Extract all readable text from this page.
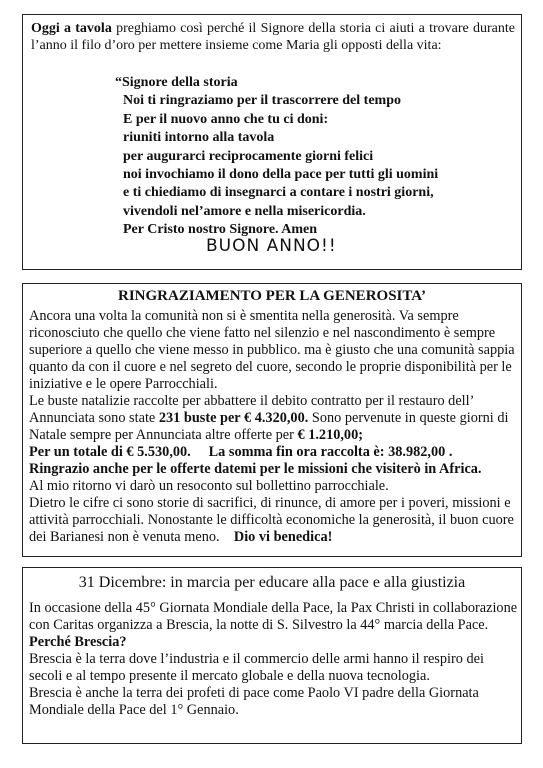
Oggi a tavola preghiamo così perché il Signore della storia ci aiuti a trovare durante l’anno il filo d’oro per mettere insieme come Maria gli opposti della vita:
“Signore della storia
Noi ti ringraziamo per il trascorrere del tempo
E per il nuovo anno che tu ci doni:
riuniti intorno alla tavola
per augurarci reciprocamente giorni felici
noi invochiamo il dono della pace per tutti gli uomini
e ti chiediamo di insegnarci a contare i nostri giorni,
vivendoli nel’amore e nella misericordia.
Per Cristo nostro Signore. Amen
BUON ANNO!!
RINGRAZIAMENTO PER LA GENEROSITA’

Ancora una volta la comunità non si è smentita nella generosità. Va sempre riconosciuto che quello che viene fatto nel silenzio e nel nascondimento è sempre superiore a quello che viene messo in pubblico. ma è giusto che una comunità sappia quanto da con il cuore e nel segreto del cuore, secondo le proprie disponibilità per le iniziative e le opere Parrocchiali.

Le buste natalizie raccolte per abbattere il debito contratto per il restauro dell’ Annunciata sono state 231 buste per € 4.320,00. Sono pervenute in queste giorni di Natale sempre per Annunciata altre offerte per € 1.210,00;

Per un totale di € 5.530,00. La somma fin ora raccolta è: 38.982,00 .

Ringrazio anche per le offerte datemi per le missioni che visiterò in Africa.

Al mio ritorno vi darò un resoconto sul bollettino parrocchiale.

Dietro le cifre ci sono storie di sacrifici, di rinunce, di amore per i poveri, missioni e attività parrocchiali. Nonostante le difficoltà economiche la generosità, il buon cuore dei Barianesi non è venuta meno. Dio vi benedica!

31 Dicembre: in marcia per educare alla pace e alla giustizia

In occasione della 45° Giornata Mondiale della Pace, la Pax Christi in collaborazione con Caritas organizza a Brescia, la notte di S. Silvestro la 44° marcia della Pace. Perché Brescia?

Brescia è la terra dove l’industria e il commercio delle armi hanno il respiro dei secoli e al tempo presente il mercato globale e della nuova tecnologia.

Brescia è anche la terra dei profeti di pace come Paolo VI padre della Giornata Mondiale della Pace del 1° Gennaio.
